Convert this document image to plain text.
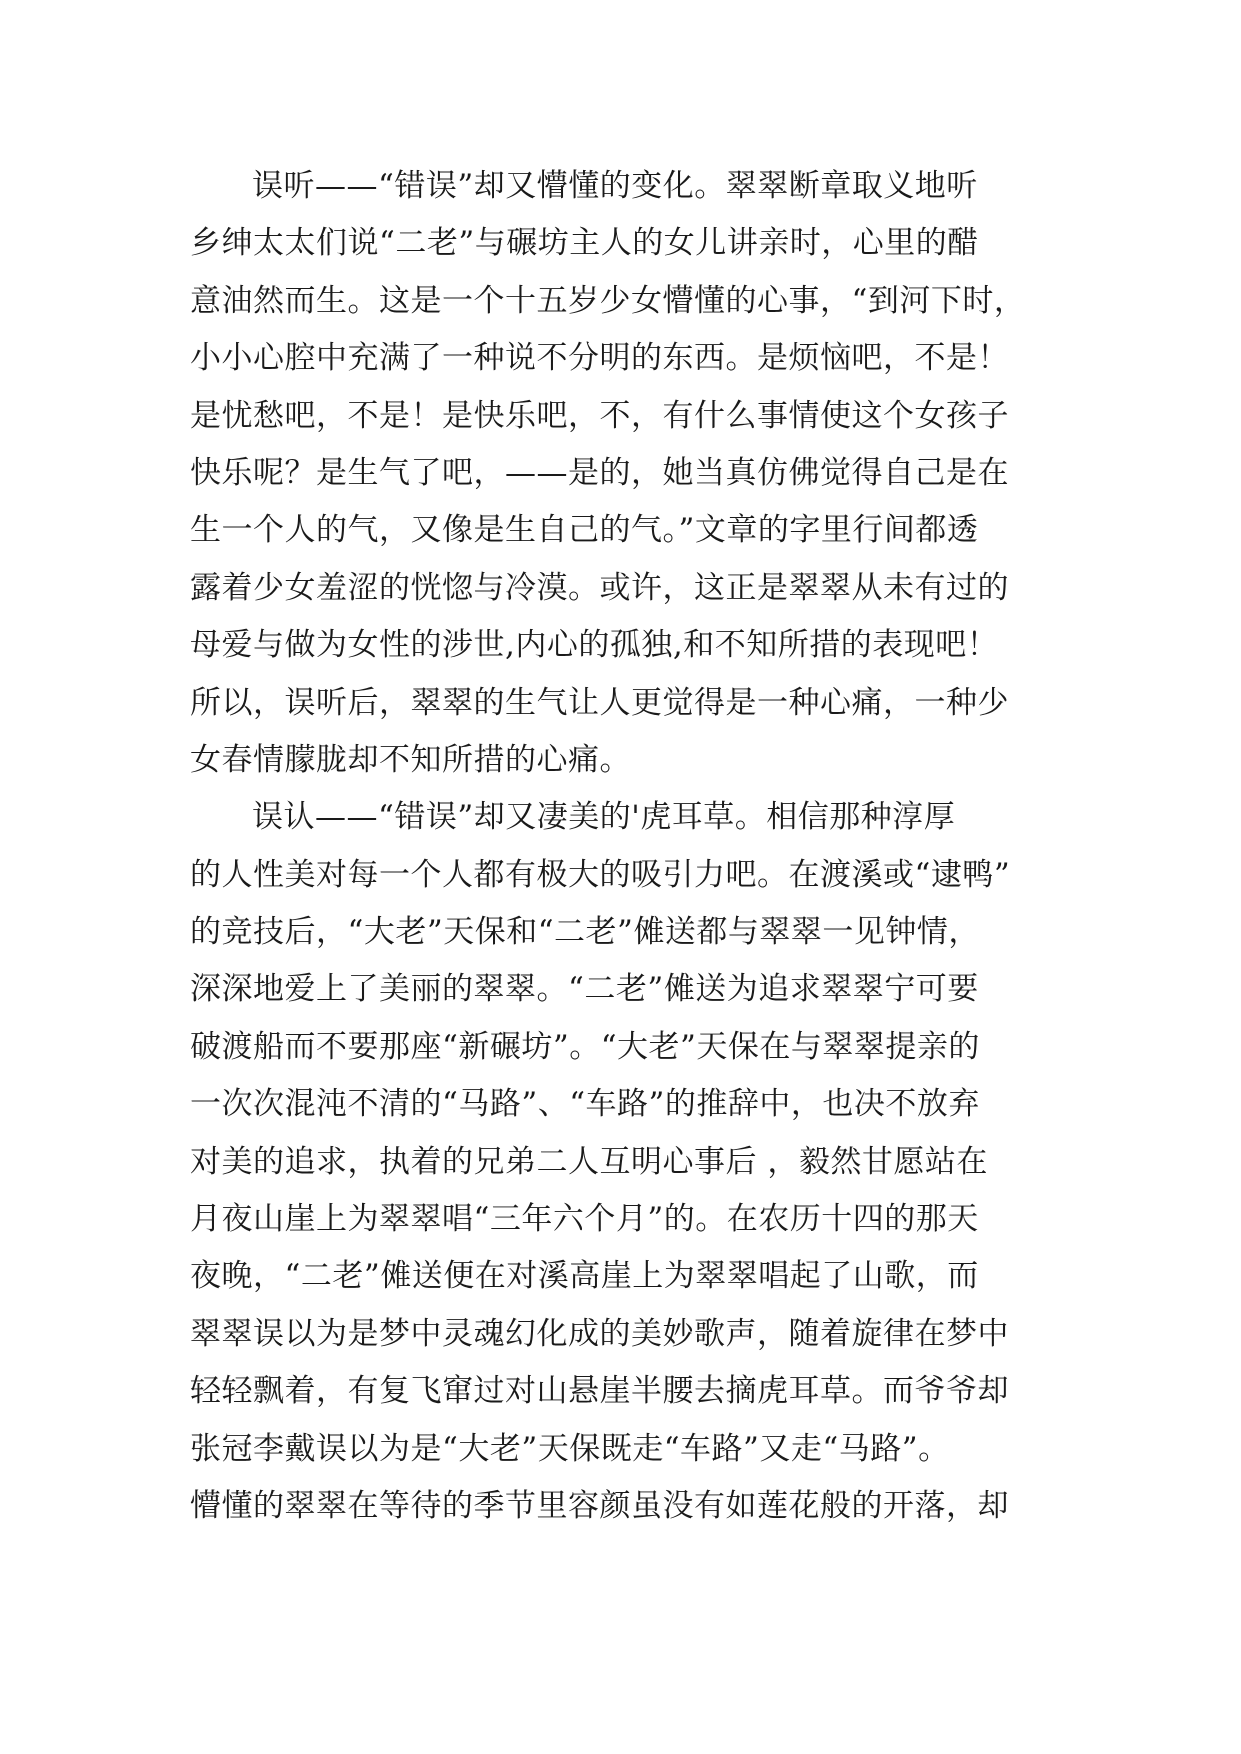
误听——“错误”却又懵懂的变化。翠翠断章取义地听
乡绅太太们说“二老”与碾坊主人的女儿讲亲时，心里的醋
意油然而生。这是一个十五岁少女懵懂的心事，“到河下时，
小小心腔中充满了一种说不分明的东西。是烦恼吧，不是！
是忧愁吧，不是！是快乐吧，不，有什么事情使这个女孩子
快乐呢？是生气了吧，——是的，她当真仿佛觉得自己是在
生一个人的气，又像是生自己的气。”文章的字里行间都透
露着少女羞涩的恍惚与冷漠。或许，这正是翠翠从未有过的
母爱与做为女性的涉世,内心的孤独,和不知所措的表现吧！
所以，误听后，翠翠的生气让人更觉得是一种心痛，一种少
女春情朦胧却不知所措的心痛。
误认——“错误”却又凄美的'虎耳草。相信那种淳厚
的人性美对每一个人都有极大的吸引力吧。在渡溪或“逮鸭”
的竞技后，“大老”天保和“二老”傩送都与翠翠一见钟情，
深深地爱上了美丽的翠翠。“二老”傩送为追求翠翠宁可要
破渡船而不要那座“新碾坊”。“大老”天保在与翠翠提亲的
一次次混沌不清的“马路”、“车路”的推辞中，也决不放弃
对美的追求，执着的兄弟二人互明心事后 ，毅然甘愿站在
月夜山崖上为翠翠唱“三年六个月”的。在农历十四的那天
夜晚，“二老”傩送便在对溪高崖上为翠翠唱起了山歌，而
翠翠误以为是梦中灵魂幻化成的美妙歌声，随着旋律在梦中
轻轻飘着，有复飞窜过对山悬崖半腰去摘虎耳草。而爷爷却
张冠李戴误以为是“大老”天保既走“车路”又走“马路”。
懵懂的翠翠在等待的季节里容颜虽没有如莲花般的开落，却
